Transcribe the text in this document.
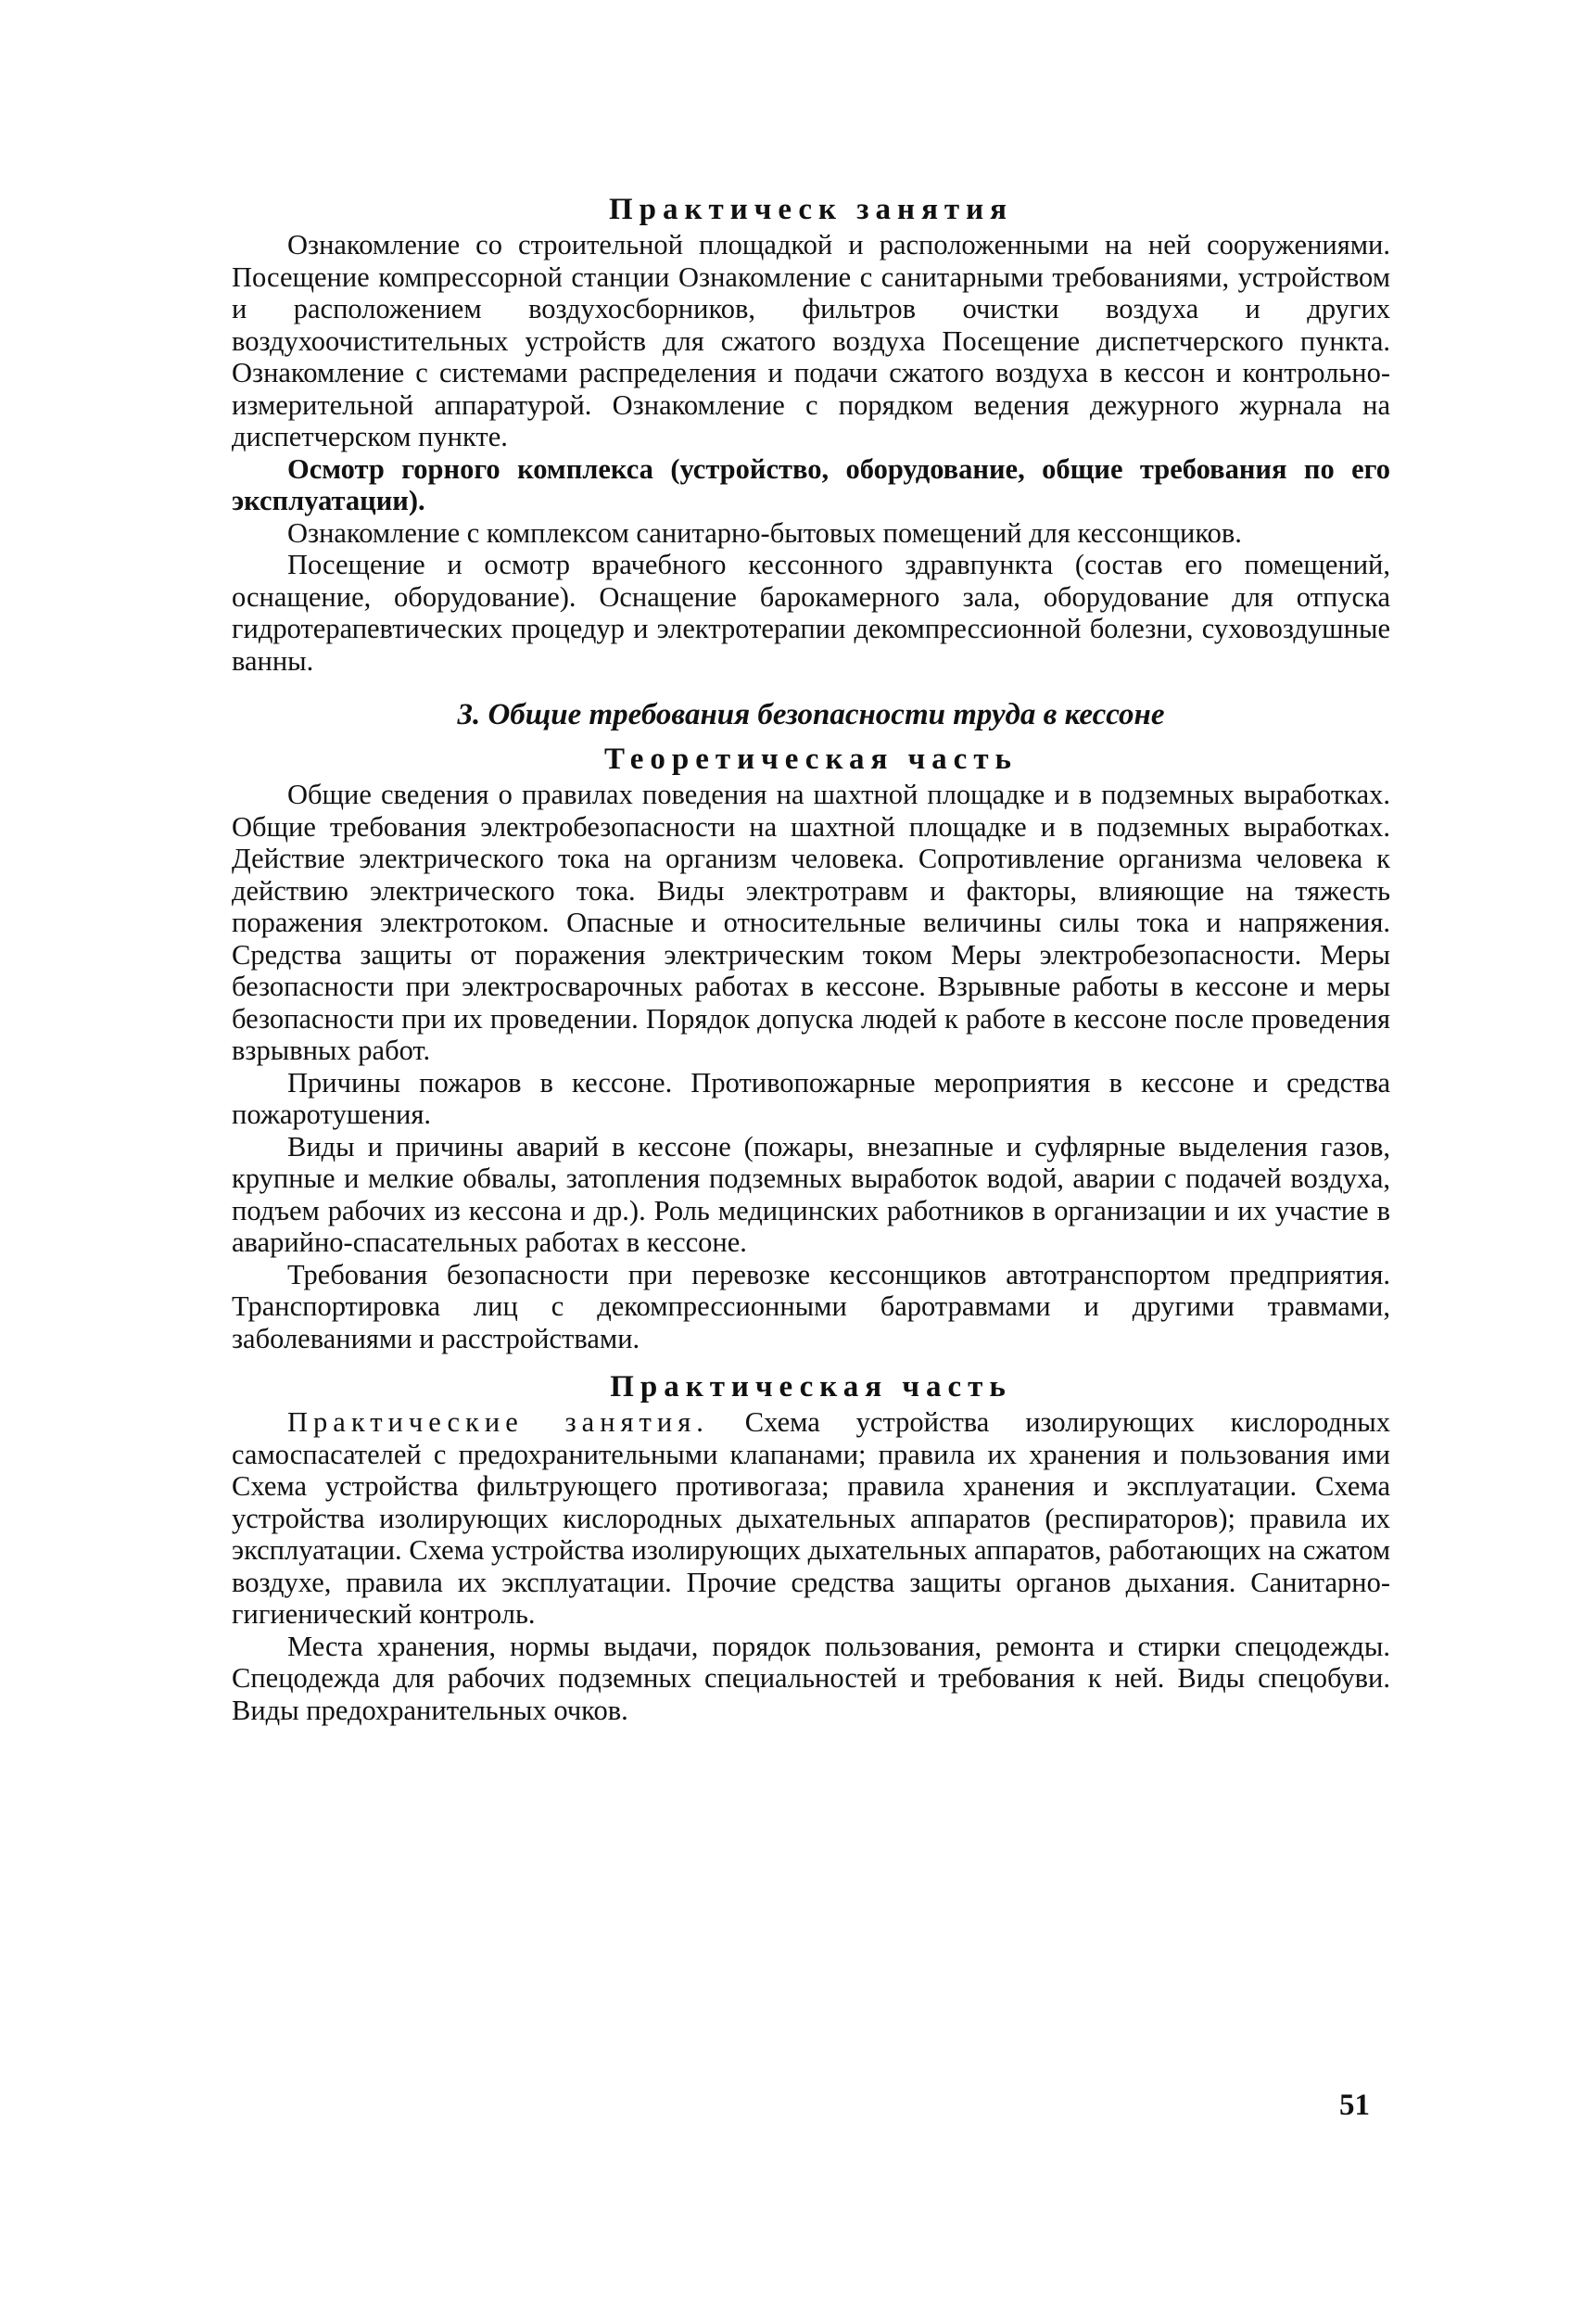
Практическ занятия

Ознакомление со строительной площадкой и расположенными на ней сооружениями. Посещение компрессорной станции Ознакомление с санитарными требованиями, устройством и расположением воздухосборников, фильтров очистки воздуха и других воздухоочистительных устройств для сжатого воздуха Посещение диспетчерского пункта. Ознакомление с системами распределения и подачи сжатого воздуха в кессон и контрольно-измерительной аппаратурой. Ознакомление с порядком ведения дежурного журнала на диспетчерском пункте.

Осмотр горного комплекса (устройство, оборудование, общие требования по его эксплуатации).

Ознакомление с комплексом санитарно-бытовых помещений для кессонщиков.

Посещение и осмотр врачебного кессонного здравпункта (состав его помещений, оснащение, оборудование). Оснащение барокамерного зала, оборудование для отпуска гидротерапевтических процедур и электротерапии декомпрессионной болезни, суховоздушные ванны.

3. Общие требования безопасности труда в кессоне
Теоретическая часть

Общие сведения о правилах поведения на шахтной площадке и в подземных выработках. Общие требования электробезопасности на шахтной площадке и в подземных выработках. Действие электрического тока на организм человека. Сопротивление организма человека к действию электрического тока. Виды электротравм и факторы, влияющие на тяжесть поражения электротоком. Опасные и относительные величины силы тока и напряжения. Средства защиты от поражения электрическим током Меры электробезопасности. Меры безопасности при электросварочных работах в кессоне. Взрывные работы в кессоне и меры безопасности при их проведении. Порядок допуска людей к работе в кессоне после проведения взрывных работ.

Причины пожаров в кессоне. Противопожарные мероприятия в кессоне и средства пожаротушения.

Виды и причины аварий в кессоне (пожары, внезапные и суфлярные выделения газов, крупные и мелкие обвалы, затопления подземных выработок водой, аварии с подачей воздуха, подъем рабочих из кессона и др.). Роль медицинских работников в организации и их участие в аварийно-спасательных работах в кессоне.

Требования безопасности при перевозке кессонщиков автотранспортом предприятия. Транспортировка лиц с декомпрессионными баротравмами и другими травмами, заболеваниями и расстройствами.

Практическая часть

Практические занятия. Схема устройства изолирующих кислородных самоспасателей с предохранительными клапанами; правила их хранения и пользования ими Схема устройства фильтрующего противогаза; правила хранения и эксплуатации. Схема устройства изолирующих кислородных дыхательных аппаратов (респираторов); правила их эксплуатации. Схема устройства изолирующих дыхательных аппаратов, работающих на сжатом воздухе, правила их эксплуатации. Прочие средства защиты органов дыхания. Санитарно-гигиенический контроль.

Места хранения, нормы выдачи, порядок пользования, ремонта и стирки спецодежды. Спецодежда для рабочих подземных специальностей и требования к ней. Виды спецобуви. Виды предохранительных очков.

51
